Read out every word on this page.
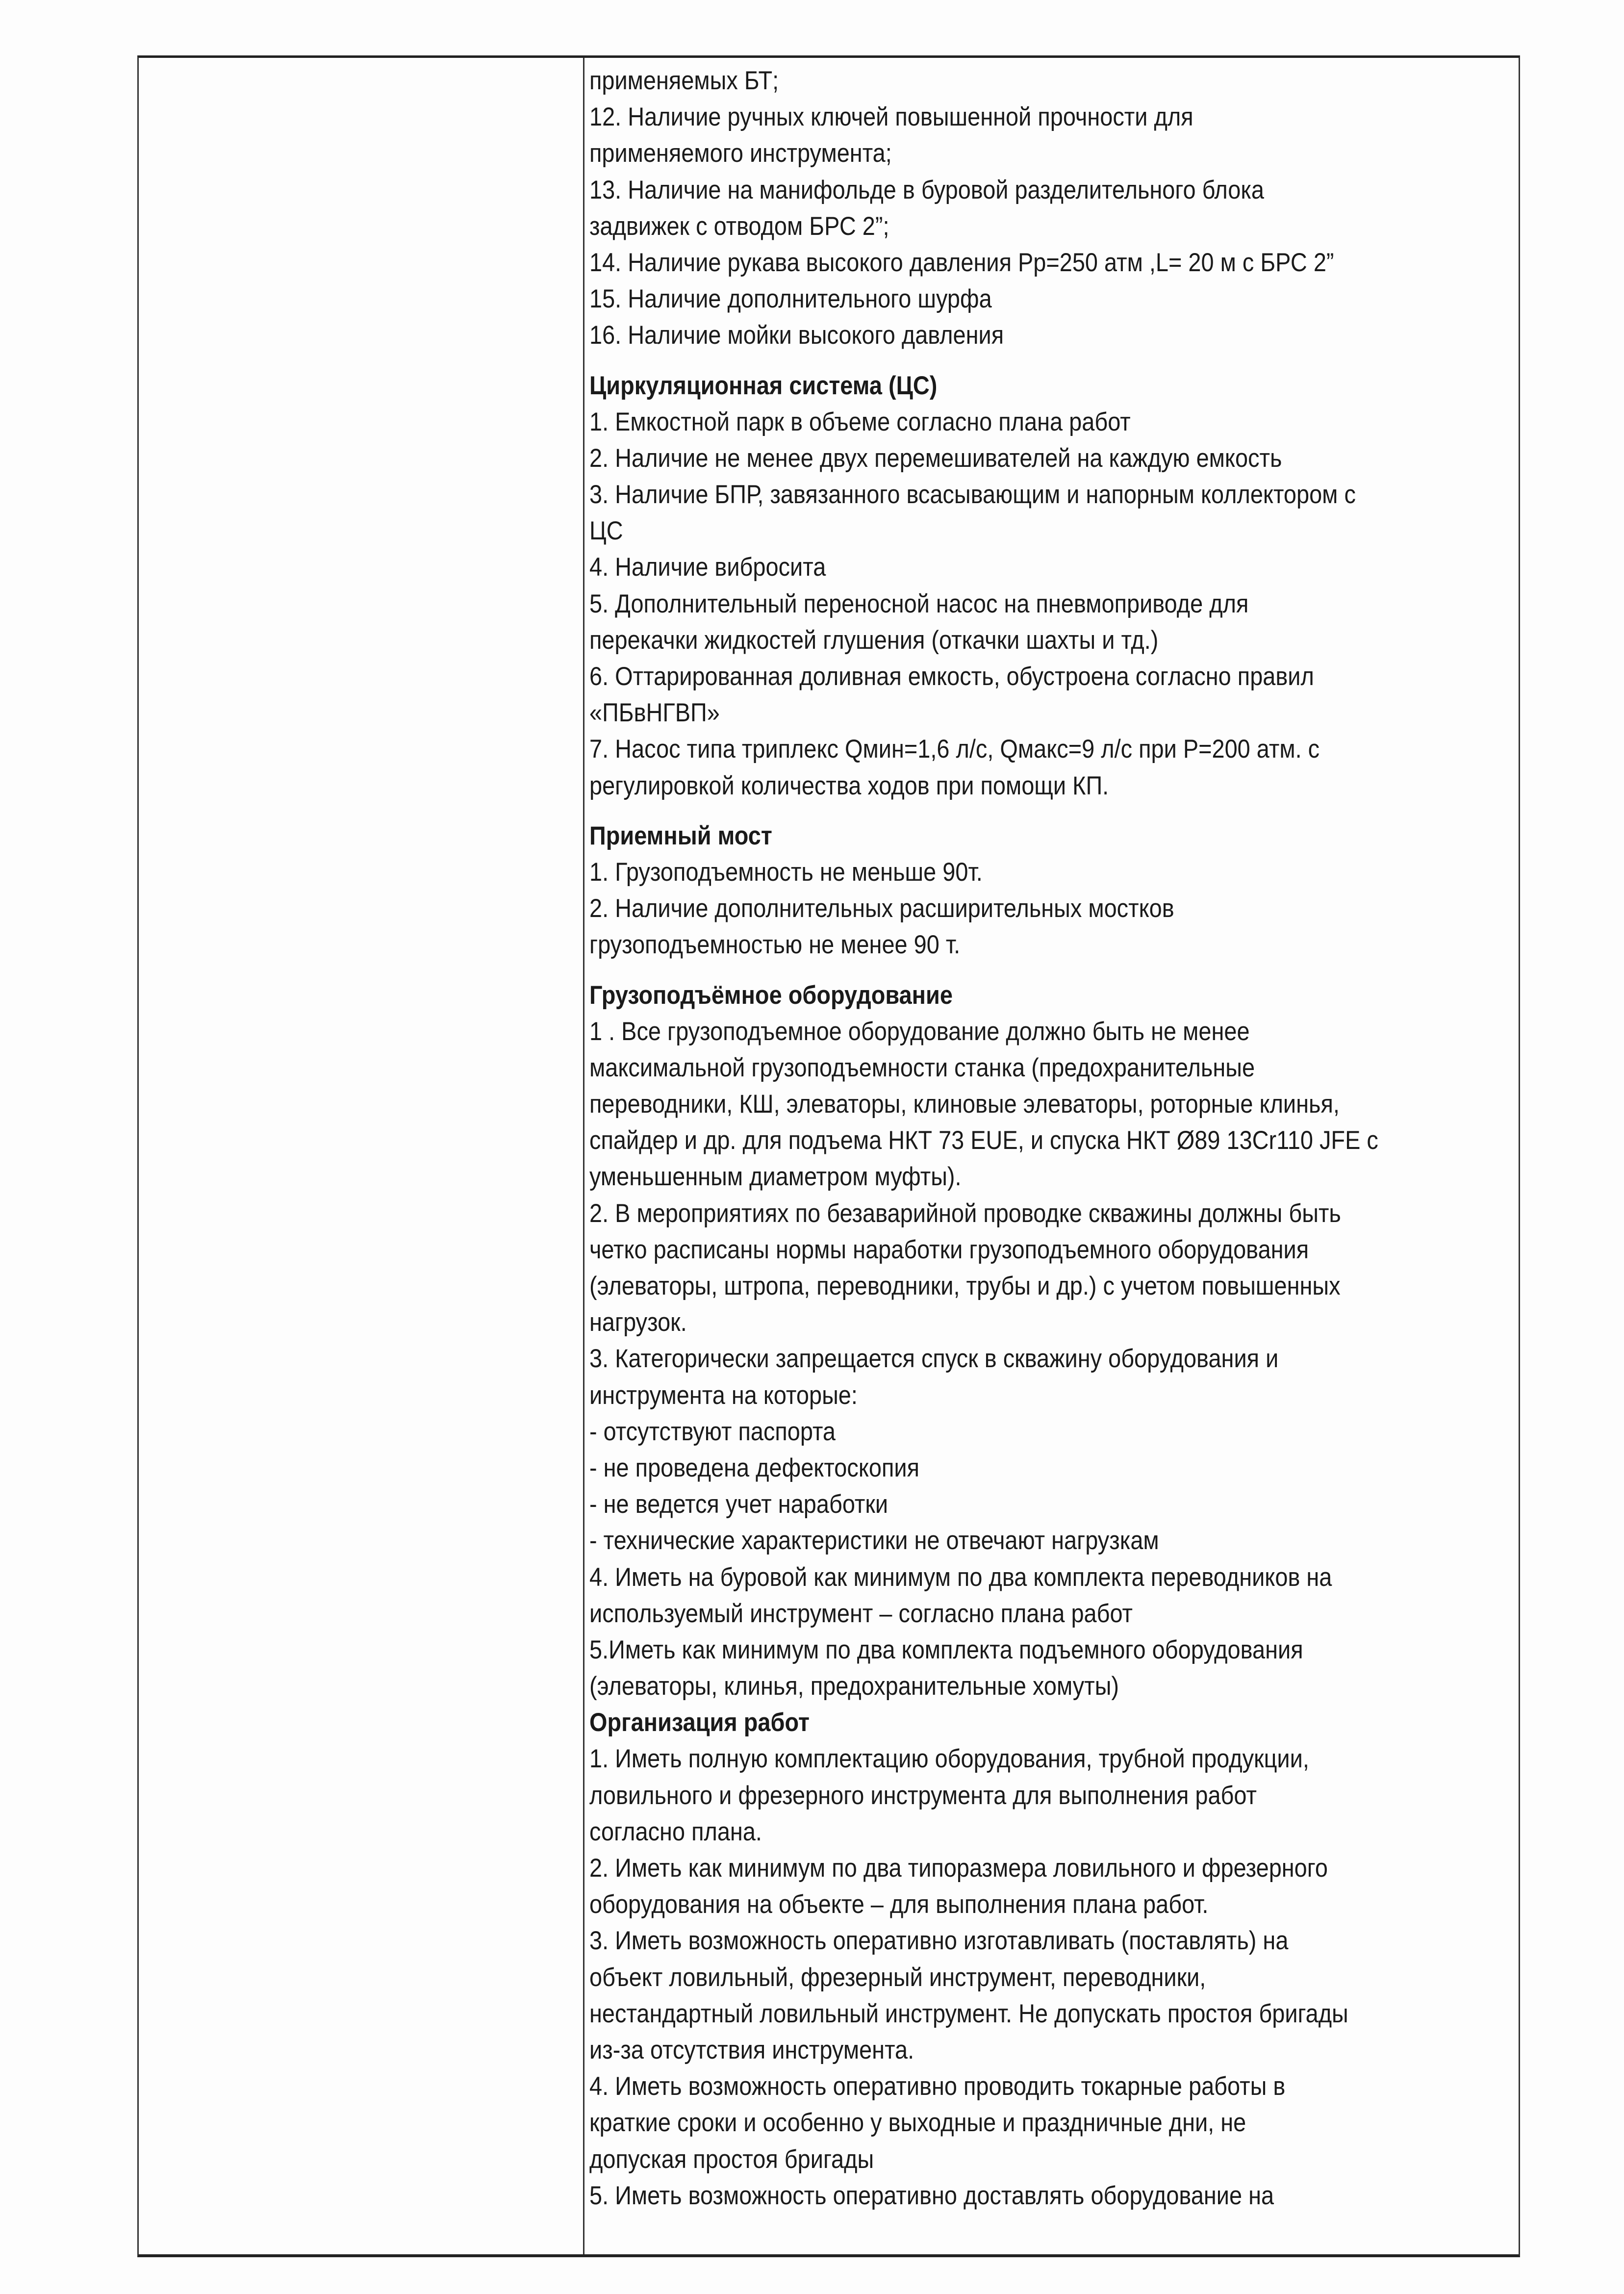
применяемых БТ;
12. Наличие ручных ключей повышенной прочности для
применяемого инструмента;
13. Наличие на манифольде в буровой разделительного блока
задвижек с отводом БРС 2”;
14. Наличие рукава высокого давления Рр=250 атм ,L= 20 м с БРС 2”
15. Наличие дополнительного шурфа
16. Наличие мойки высокого давления
Циркуляционная система (ЦС)
1. Емкостной парк в объеме согласно плана работ
2. Наличие не менее двух перемешивателей на каждую емкость
3. Наличие БПР, завязанного всасывающим и напорным коллектором с
ЦС
4. Наличие вибросита
5. Дополнительный переносной насос на пневмоприводе для
перекачки жидкостей глушения (откачки шахты и тд.)
6. Оттарированная доливная емкость, обустроена согласно правил
«ПБвНГВП»
7. Насос типа триплекс Qмин=1,6 л/с, Qмакс=9 л/с при Р=200 атм. с
регулировкой количества ходов при помощи КП.
Приемный мост
1. Грузоподъемность не меньше 90т.
2. Наличие дополнительных расширительных мостков
грузоподъемностью не менее 90 т.
Грузоподъёмное оборудование
1 . Все грузоподъемное оборудование должно быть не менее
максимальной грузоподъемности станка (предохранительные
переводники, КШ, элеваторы, клиновые элеваторы, роторные клинья,
спайдер и др. для подъема НКТ 73 EUE, и спуска НКТ Ø89 13Cr110 JFE с
уменьшенным диаметром муфты).
2. В мероприятиях по безаварийной проводке скважины должны быть
четко расписаны нормы наработки грузоподъемного оборудования
(элеваторы, штропа, переводники, трубы и др.) с учетом повышенных
нагрузок.
3. Категорически запрещается спуск в скважину оборудования и
инструмента на которые:
- отсутствуют паспорта
- не проведена дефектоскопия
- не ведется учет наработки
- технические характеристики не отвечают нагрузкам
4. Иметь на буровой как минимум по два комплекта переводников на
используемый инструмент – согласно плана работ
5.Иметь как минимум по два комплекта подъемного оборудования
(элеваторы, клинья, предохранительные хомуты)
Организация работ
1. Иметь полную комплектацию оборудования, трубной продукции,
ловильного и фрезерного инструмента для выполнения работ
согласно плана.
2. Иметь как минимум по два типоразмера ловильного и фрезерного
оборудования на объекте – для выполнения плана работ.
3. Иметь возможность оперативно изготавливать (поставлять) на
объект ловильный, фрезерный инструмент, переводники,
нестандартный ловильный инструмент. Не допускать простоя бригады
из-за отсутствия инструмента.
4. Иметь возможность оперативно проводить токарные работы в
краткие сроки и особенно у выходные и праздничные дни, не
допуская простоя бригады
5. Иметь возможность оперативно доставлять оборудование на
